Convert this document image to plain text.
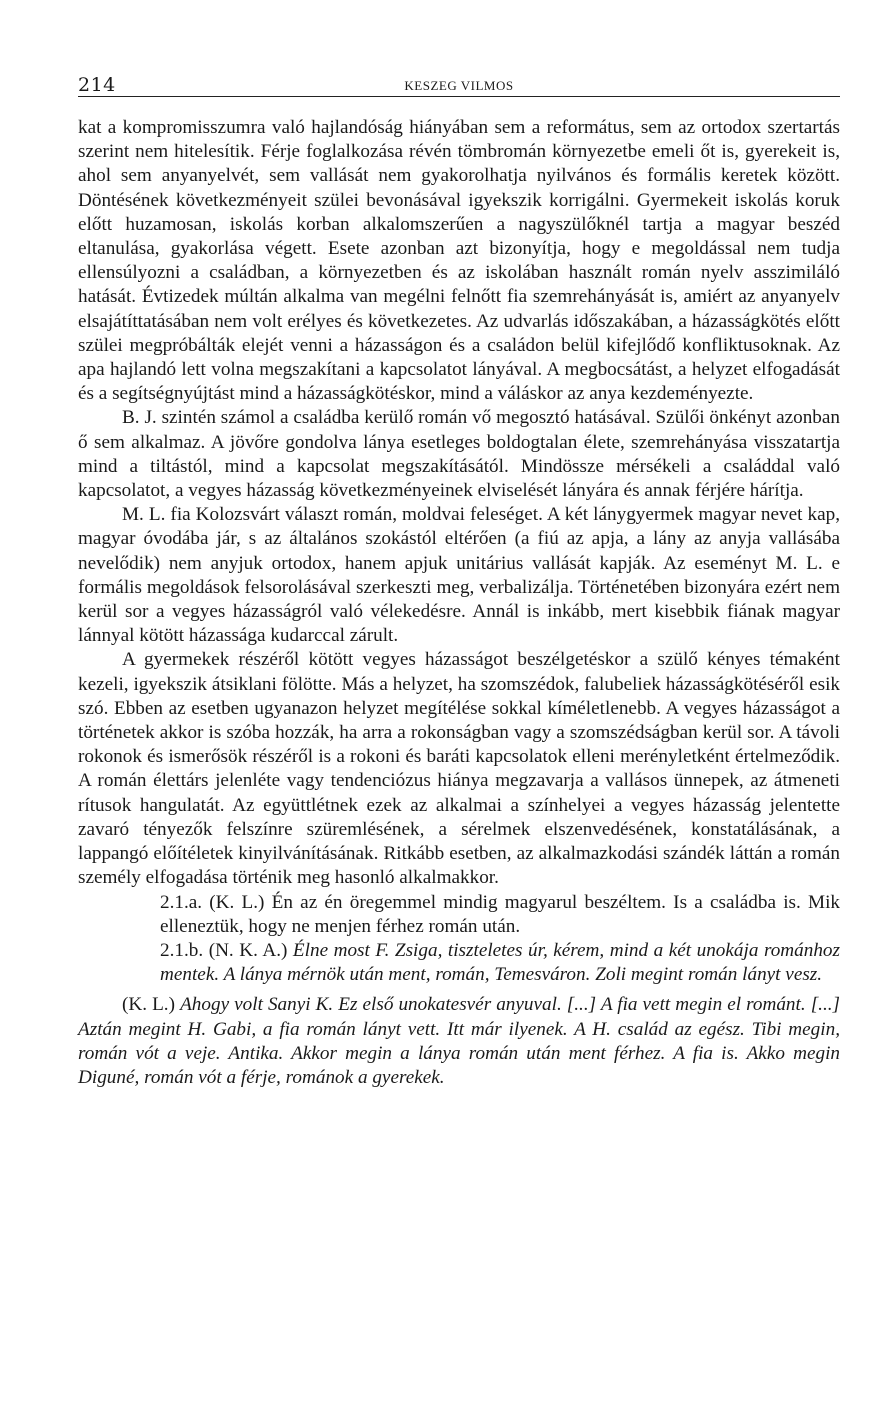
214	KESZEG VILMOS

kat a kompromisszumra való hajlandóság hiányában sem a református, sem az ortodox szertartás szerint nem hitelesítik. Férje foglalkozása révén tömbromán környezetbe emeli őt is, gyerekeit is, ahol sem anyanyelvét, sem vallását nem gyakorolhatja nyilvános és formális keretek között. Döntésének következményeit szülei bevonásával igyekszik korrigálni. Gyermekeit iskolás koruk előtt huzamosan, iskolás korban alkalomszerűen a nagyszülőknél tartja a magyar beszéd eltanulása, gyakorlása végett. Esete azonban azt bizonyítja, hogy e megoldással nem tudja ellensúlyozni a családban, a környezetben és az iskolában használt román nyelv asszimiláló hatását. Évtizedek múltán alkalma van megélni felnőtt fia szemrehányását is, amiért az anyanyelv elsajátíttatásában nem volt erélyes és következetes. Az udvarlás időszakában, a házasságkötés előtt szülei megpróbálták elejét venni a házasságon és a családon belül kifejlődő konfliktusoknak. Az apa hajlandó lett volna megszakítani a kapcsolatot lányával. A megbocsátást, a helyzet elfogadását és a segítségnyújtást mind a házasságkötéskor, mind a váláskor az anya kezdeményezte.

B. J. szintén számol a családba kerülő román vő megosztó hatásával. Szülői önkényt azonban ő sem alkalmaz. A jövőre gondolva lánya esetleges boldogtalan élete, szemrehányása visszatartja mind a tiltástól, mind a kapcsolat megszakításától. Mindössze mérsékeli a családdal való kapcsolatot, a vegyes házasság következményeinek elviselését lányára és annak férjére hárítja.

M. L. fia Kolozsvárt választ román, moldvai feleséget. A két lánygyermek magyar nevet kap, magyar óvodába jár, s az általános szokástól eltérően (a fiú az apja, a lány az anyja vallásába nevelődik) nem anyjuk ortodox, hanem apjuk unitárius vallását kapják. Az eseményt M. L. e formális megoldások felsorolásával szerkeszti meg, verbalizálja. Történetében bizonyára ezért nem kerül sor a vegyes házasságról való vélekedésre. Annál is inkább, mert kisebbik fiának magyar lánnyal kötött házassága kudarccal zárult.

A gyermekek részéről kötött vegyes házasságot beszélgetéskor a szülő kényes témaként kezeli, igyekszik átsiklani fölötte. Más a helyzet, ha szomszédok, falubeliek házasságkötéséről esik szó. Ebben az esetben ugyanazon helyzet megítélése sokkal kíméletlenebb. A vegyes házasságot a történetek akkor is szóba hozzák, ha arra a rokonságban vagy a szomszédságban kerül sor. A távoli rokonok és ismerősök részéről is a rokoni és baráti kapcsolatok elleni merényletként értelmeződik. A román élettárs jelenléte vagy tendenciózus hiánya megzavarja a vallásos ünnepek, az átmeneti rítusok hangulatát. Az együttlétnek ezek az alkalmai a színhelyei a vegyes házasság jelentette zavaró tényezők felszínre szüremlésének, a sérelmek elszenvedésének, konstatálásának, a lappangó előítéletek kinyilvánításának. Ritkább esetben, az alkalmazkodási szándék láttán a román személy elfogadása történik meg hasonló alkalmakkor.

2.1.a. (K. L.) Én az én öregemmel mindig magyarul beszéltem. Is a családba is. Mik elleneztük, hogy ne menjen férhez román után.

2.1.b. (N. K. A.) Élne most F. Zsiga, tiszteletes úr, kérem, mind a két unokája románhoz mentek. A lánya mérnök után ment, román, Temesváron. Zoli megint román lányt vesz.

(K. L.) Ahogy volt Sanyi K. Ez első unokatesvér anyuval. [...] A fia vett megin el románt. [...] Aztán megint H. Gabi, a fia román lányt vett. Itt már ilyenek. A H. család az egész. Tibi megin, román vót a veje. Antika. Akkor megin a lánya román után ment férhez. A fia is. Akko megin Diguné, román vót a férje, románok a gyerekek.
